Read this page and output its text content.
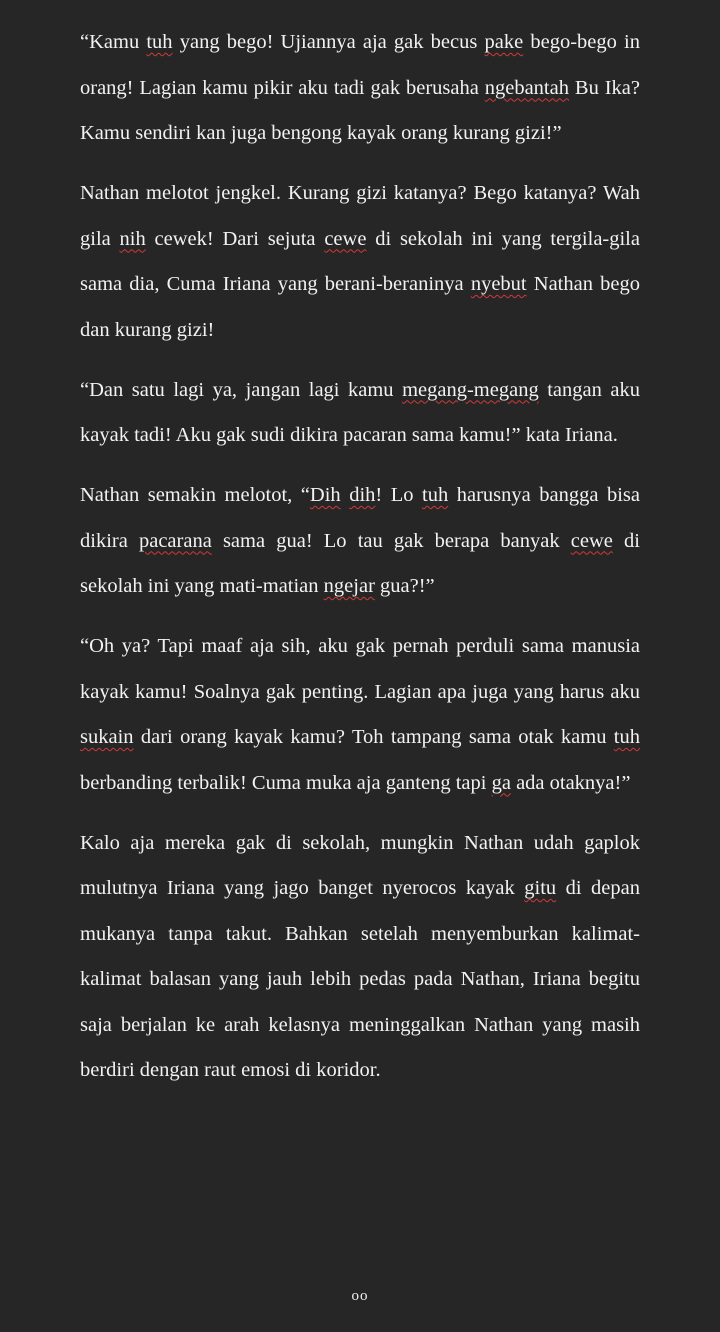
“Kamu tuh yang bego! Ujiannya aja gak becus pake bego-bego in orang! Lagian kamu pikir aku tadi gak berusaha ngebantah Bu Ika? Kamu sendiri kan juga bengong kayak orang kurang gizi!”

Nathan melotot jengkel. Kurang gizi katanya? Bego katanya? Wah gila nih cewek! Dari sejuta cewe di sekolah ini yang tergila-gila sama dia, Cuma Iriana yang berani-beraninya nyebut Nathan bego dan kurang gizi!

“Dan satu lagi ya, jangan lagi kamu megang-megang tangan aku kayak tadi! Aku gak sudi dikira pacaran sama kamu!” kata Iriana.

Nathan semakin melotot, “Dih dih! Lo tuh harusnya bangga bisa dikira pacarana sama gua! Lo tau gak berapa banyak cewe di sekolah ini yang mati-matian ngejar gua?!”

“Oh ya? Tapi maaf aja sih, aku gak pernah perduli sama manusia kayak kamu! Soalnya gak penting. Lagian apa juga yang harus aku sukain dari orang kayak kamu? Toh tampang sama otak kamu tuh berbanding terbalik! Cuma muka aja ganteng tapi ga ada otaknya!”

Kalo aja mereka gak di sekolah, mungkin Nathan udah gaplok mulutnya Iriana yang jago banget nyerocos kayak gitu di depan mukanya tanpa takut. Bahkan setelah menyemburkan kalimat-kalimat balasan yang jauh lebih pedas pada Nathan, Iriana begitu saja berjalan ke arah kelasnya meninggalkan Nathan yang masih berdiri dengan raut emosi di koridor.

oo
